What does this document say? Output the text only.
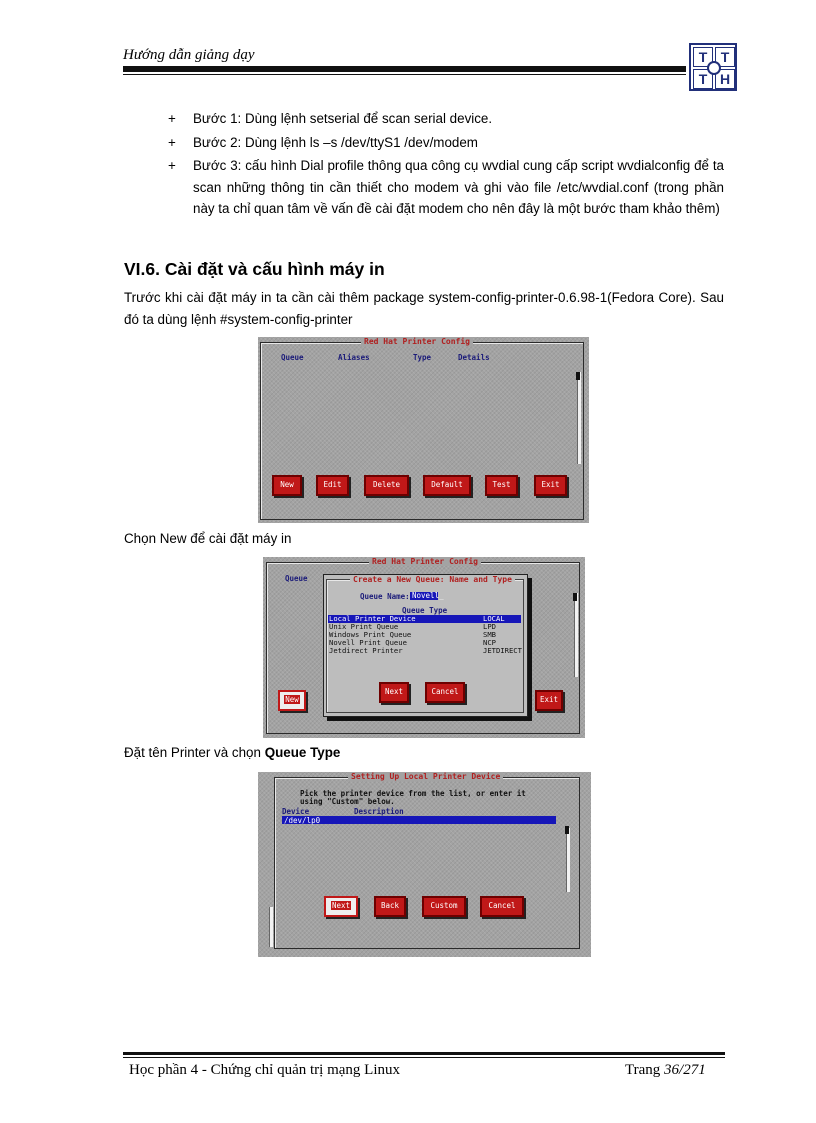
Hướng dẫn giảng dạy	T T
T H
+ Bước 1: Dùng lệnh setserial để scan serial device.
+ Bước 2: Dùng lệnh ls –s /dev/ttyS1 /dev/modem
+ Bước 3: cấu hình Dial profile thông qua công cụ wvdial cung cấp script wvdialconfig để ta scan những thông tin cần thiết cho modem và ghi vào file /etc/wvdial.conf (trong phần này ta chỉ quan tâm về vấn đề cài đặt modem cho nên đây là một bước tham khảo thêm)
VI.6. Cài đặt và cấu hình máy in
Trước khi cài đặt máy in ta cần cài thêm package system-config-printer-0.6.98-1(Fedora Core). Sau đó ta dùng lệnh #system-config-printer
Red Hat Printer Config
Queue	Aliases	Type	Details
New	Edit	Delete	Default	Test	Exit
Chọn New để cài đặt máy in
Red Hat Printer Config
Queue
New	Exit
Create a New Queue: Name and Type
Queue Name: Novell_
Queue Type
Local Printer Device	LOCAL
Unix Print Queue	LPD
Windows Print Queue	SMB
Novell Print Queue	NCP
Jetdirect Printer	JETDIRECT
Next	Cancel
Đặt tên Printer và chọn Queue Type
Setting Up Local Printer Device
Pick the printer device from the list, or enter it
using "Custom" below.
Device	Description
/dev/lp0
Next	Back	Custom	Cancel
Học phần 4 - Chứng chỉ quản trị mạng Linux	Trang 36/271
